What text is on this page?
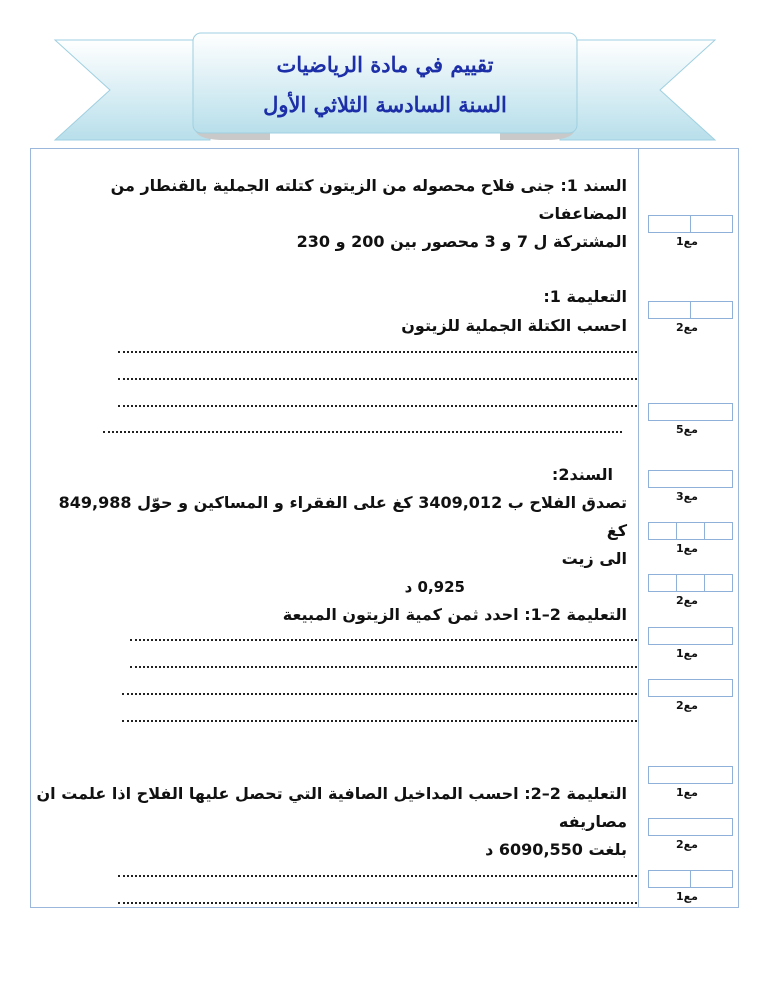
تقييم في مادة الرياضيات
السنة السادسة الثلاثي الأول
السند 1: جنى فلاح محصوله من الزيتون كتلته الجملية بالقنطار من المضاعفات
المشتركة ل 7 و 3 محصور بين 200 و 230
التعليمة 1:
احسب الكتلة الجملية للزيتون
السند2:
تصدق الفلاح ب 3409,012 كغ على الفقراء و المساكين و حوّل 849,988 كغ
الى زيت
0,925 د
التعليمة 2–1: احدد ثمن كمية الزيتون المبيعة
التعليمة 2–2: احسب المداخيل الصافية التي تحصل عليها الفلاح اذا علمت ان
مصاريفه
بلغت 6090,550 د
مع1
مع2
مع5
مع3
مع1
مع2
مع1
مع2
مع1
مع2
مع1
